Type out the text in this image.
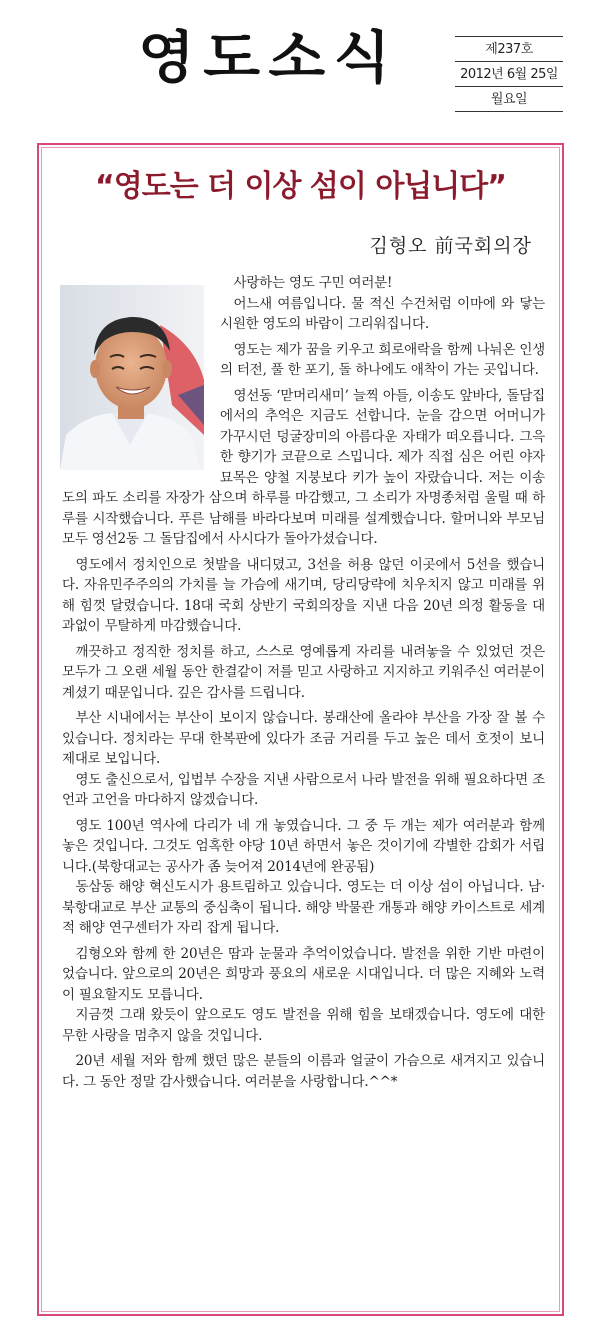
영도소식	제237호
2012년 6월 25일
월요일
“영도는 더 이상 섬이 아닙니다”
김형오 前국회의장

사랑하는 영도 구민 여러분!

어느새 여름입니다. 물 적신 수건처럼 이마에 와 닿는 시원한 영도의 바람이 그리워집니다.

영도는 제가 꿈을 키우고 희로애락을 함께 나눠온 인생의 터전, 풀 한 포기, 돌 하나에도 애착이 가는 곳입니다.

영선동 ‘맏머리새미’ 늘찍 아들, 이송도 앞바다, 돌담집에서의 추억은 지금도 선합니다. 눈을 감으면 어머니가 가꾸시던 덩굴장미의 아름다운 자태가 떠오릅니다. 그윽한 향기가 코끝으로 스밉니다. 제가 직접 심은 어린 야자 묘목은 양철 지붕보다 키가 높이 자랐습니다. 저는 이송도의 파도 소리를 자장가 삼으며 하루를 마감했고, 그 소리가 자명종처럼 울릴 때 하루를 시작했습니다. 푸른 남해를 바라다보며 미래를 설계했습니다. 할머니와 부모님 모두 영선2동 그 돌담집에서 사시다가 돌아가셨습니다.

영도에서 정치인으로 첫발을 내디뎠고, 3선을 허용 않던 이곳에서 5선을 했습니다. 자유민주주의의 가치를 늘 가슴에 새기며, 당리당략에 치우치지 않고 미래를 위해 힘껏 달렸습니다. 18대 국회 상반기 국회의장을 지낸 다음 20년 의정 활동을 대과없이 무탈하게 마감했습니다.

깨끗하고 정직한 정치를 하고, 스스로 영예롭게 자리를 내려놓을 수 있었던 것은 모두가 그 오랜 세월 동안 한결같이 저를 믿고 사랑하고 지지하고 키워주신 여러분이 계셨기 때문입니다. 깊은 감사를 드립니다.

부산 시내에서는 부산이 보이지 않습니다. 봉래산에 올라야 부산을 가장 잘 볼 수 있습니다. 정치라는 무대 한복판에 있다가 조금 거리를 두고 높은 데서 호젓이 보니 제대로 보입니다.

영도 출신으로서, 입법부 수장을 지낸 사람으로서 나라 발전을 위해 필요하다면 조언과 고언을 마다하지 않겠습니다.

영도 100년 역사에 다리가 네 개 놓였습니다. 그 중 두 개는 제가 여러분과 함께 놓은 것입니다. 그것도 엄혹한 야당 10년 하면서 놓은 것이기에 각별한 감회가 서립니다.(북항대교는 공사가 좀 늦어져 2014년에 완공됨)

동삼동 해양 혁신도시가 용트림하고 있습니다. 영도는 더 이상 섬이 아닙니다. 남·북항대교로 부산 교통의 중심축이 됩니다. 해양 박물관 개통과 해양 카이스트로 세계적 해양 연구센터가 자리 잡게 됩니다.

김형오와 함께 한 20년은 땀과 눈물과 추억이었습니다. 발전을 위한 기반 마련이었습니다. 앞으로의 20년은 희망과 풍요의 새로운 시대입니다. 더 많은 지혜와 노력이 필요할지도 모릅니다.

지금껏 그래 왔듯이 앞으로도 영도 발전을 위해 힘을 보태겠습니다. 영도에 대한 무한 사랑을 멈추지 않을 것입니다.

20년 세월 저와 함께 했던 많은 분들의 이름과 얼굴이 가슴으로 새겨지고 있습니다. 그 동안 정말 감사했습니다. 여러분을 사랑합니다.^^*
